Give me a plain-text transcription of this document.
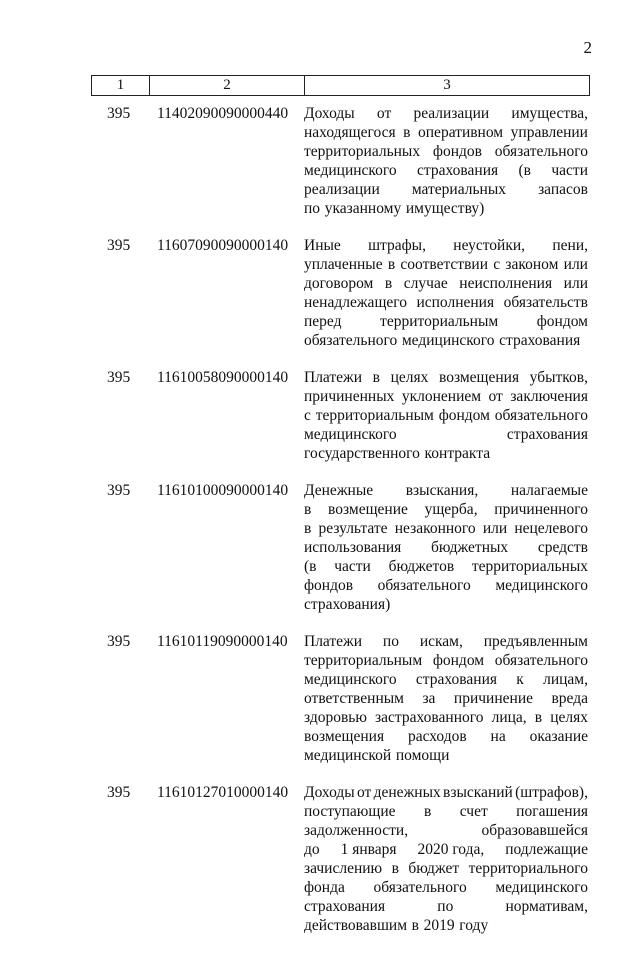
2
1	2	3
395 11402090090000440 Доходы от реализации имущества,
находящегося в оперативном управлении
территориальных фондов обязательного
медицинского страхования (в части
реализации материальных запасов
по указанному имуществу)
395 11607090090000140 Иные штрафы, неустойки, пени,
уплаченные в соответствии с законом или
договором в случае неисполнения или
ненадлежащего исполнения обязательств
перед территориальным фондом
обязательного медицинского страхования
395 11610058090000140 Платежи в целях возмещения убытков,
причиненных уклонением от заключения
с территориальным фондом обязательного
медицинского	страхования
государственного контракта
395 11610100090000140 Денежные взыскания, налагаемые
в возмещение ущерба, причиненного
в результате незаконного или нецелевого
использования бюджетных средств
(в части бюджетов территориальных
фондов обязательного медицинского
страхования)
395 11610119090000140 Платежи по искам, предъявленным
территориальным фондом обязательного
медицинского страхования к лицам,
ответственным за причинение вреда
здоровью застрахованного лица, в целях
возмещения расходов на оказание
медицинской помощи
395 11610127010000140 Доходы от денежных взысканий (штрафов),
поступающие в счет погашения
задолженности,	образовавшейся
до 1 января 2020 года, подлежащие
зачислению в бюджет территориального
фонда обязательного медицинского
страхования	по	нормативам,
действовавшим в 2019 году
